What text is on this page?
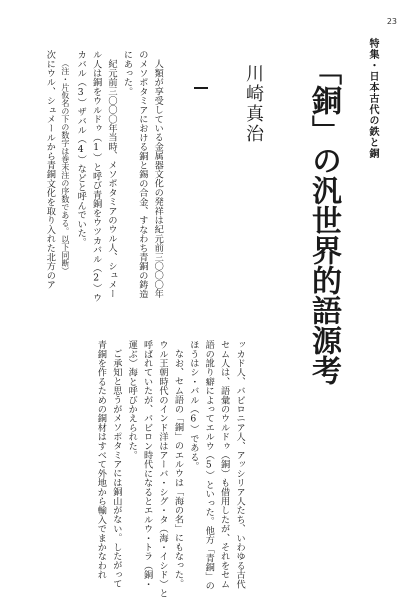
23
特集・日本古代の鉄と銅
「銅」の汎世界的語源考
川崎真治
人類が享受している金属器文化の発祥は紀元前三〇〇〇年
のメソポタミアにおける銅と錫の合金、すなわち青銅の鋳造
にあった。
紀元前三〇〇〇年当時、メソポタミアのウル人、シュメー
ル人は銅をウルドゥ（1）と呼び青銅をウツカバル（2）ウ
カバル（3）ザバル（4）などと呼んでいた。
（注・片仮名の下の数字は巻末注の序数である。以下同断）
次にウル、シュメールから青銅文化を取り入れた北方のア
ッカド人、バビロニア人、アッシリア人たち、いわゆる古代
セム人は、語彙のウルドゥ（銅）も借用したが、それをセム
語の訛り癖によってエルウ（5）といった。他方「青銅」の
ほうはシ・バル（6）である。
なお、セム語の「銅」のエルウは「海の名」にもなった。
ウル王朝時代のインド洋はアーバ・シグ・タ（海・イシド）と
呼ばれていたが、バビロン時代になるとエルウ・トラ（銅・
運ぶ）海と呼びかえられた。
ご承知と思うがメソポタミアには銅山がない。したがって
青銅を作るための銅材はすべて外地から輸入でまかなわれ
